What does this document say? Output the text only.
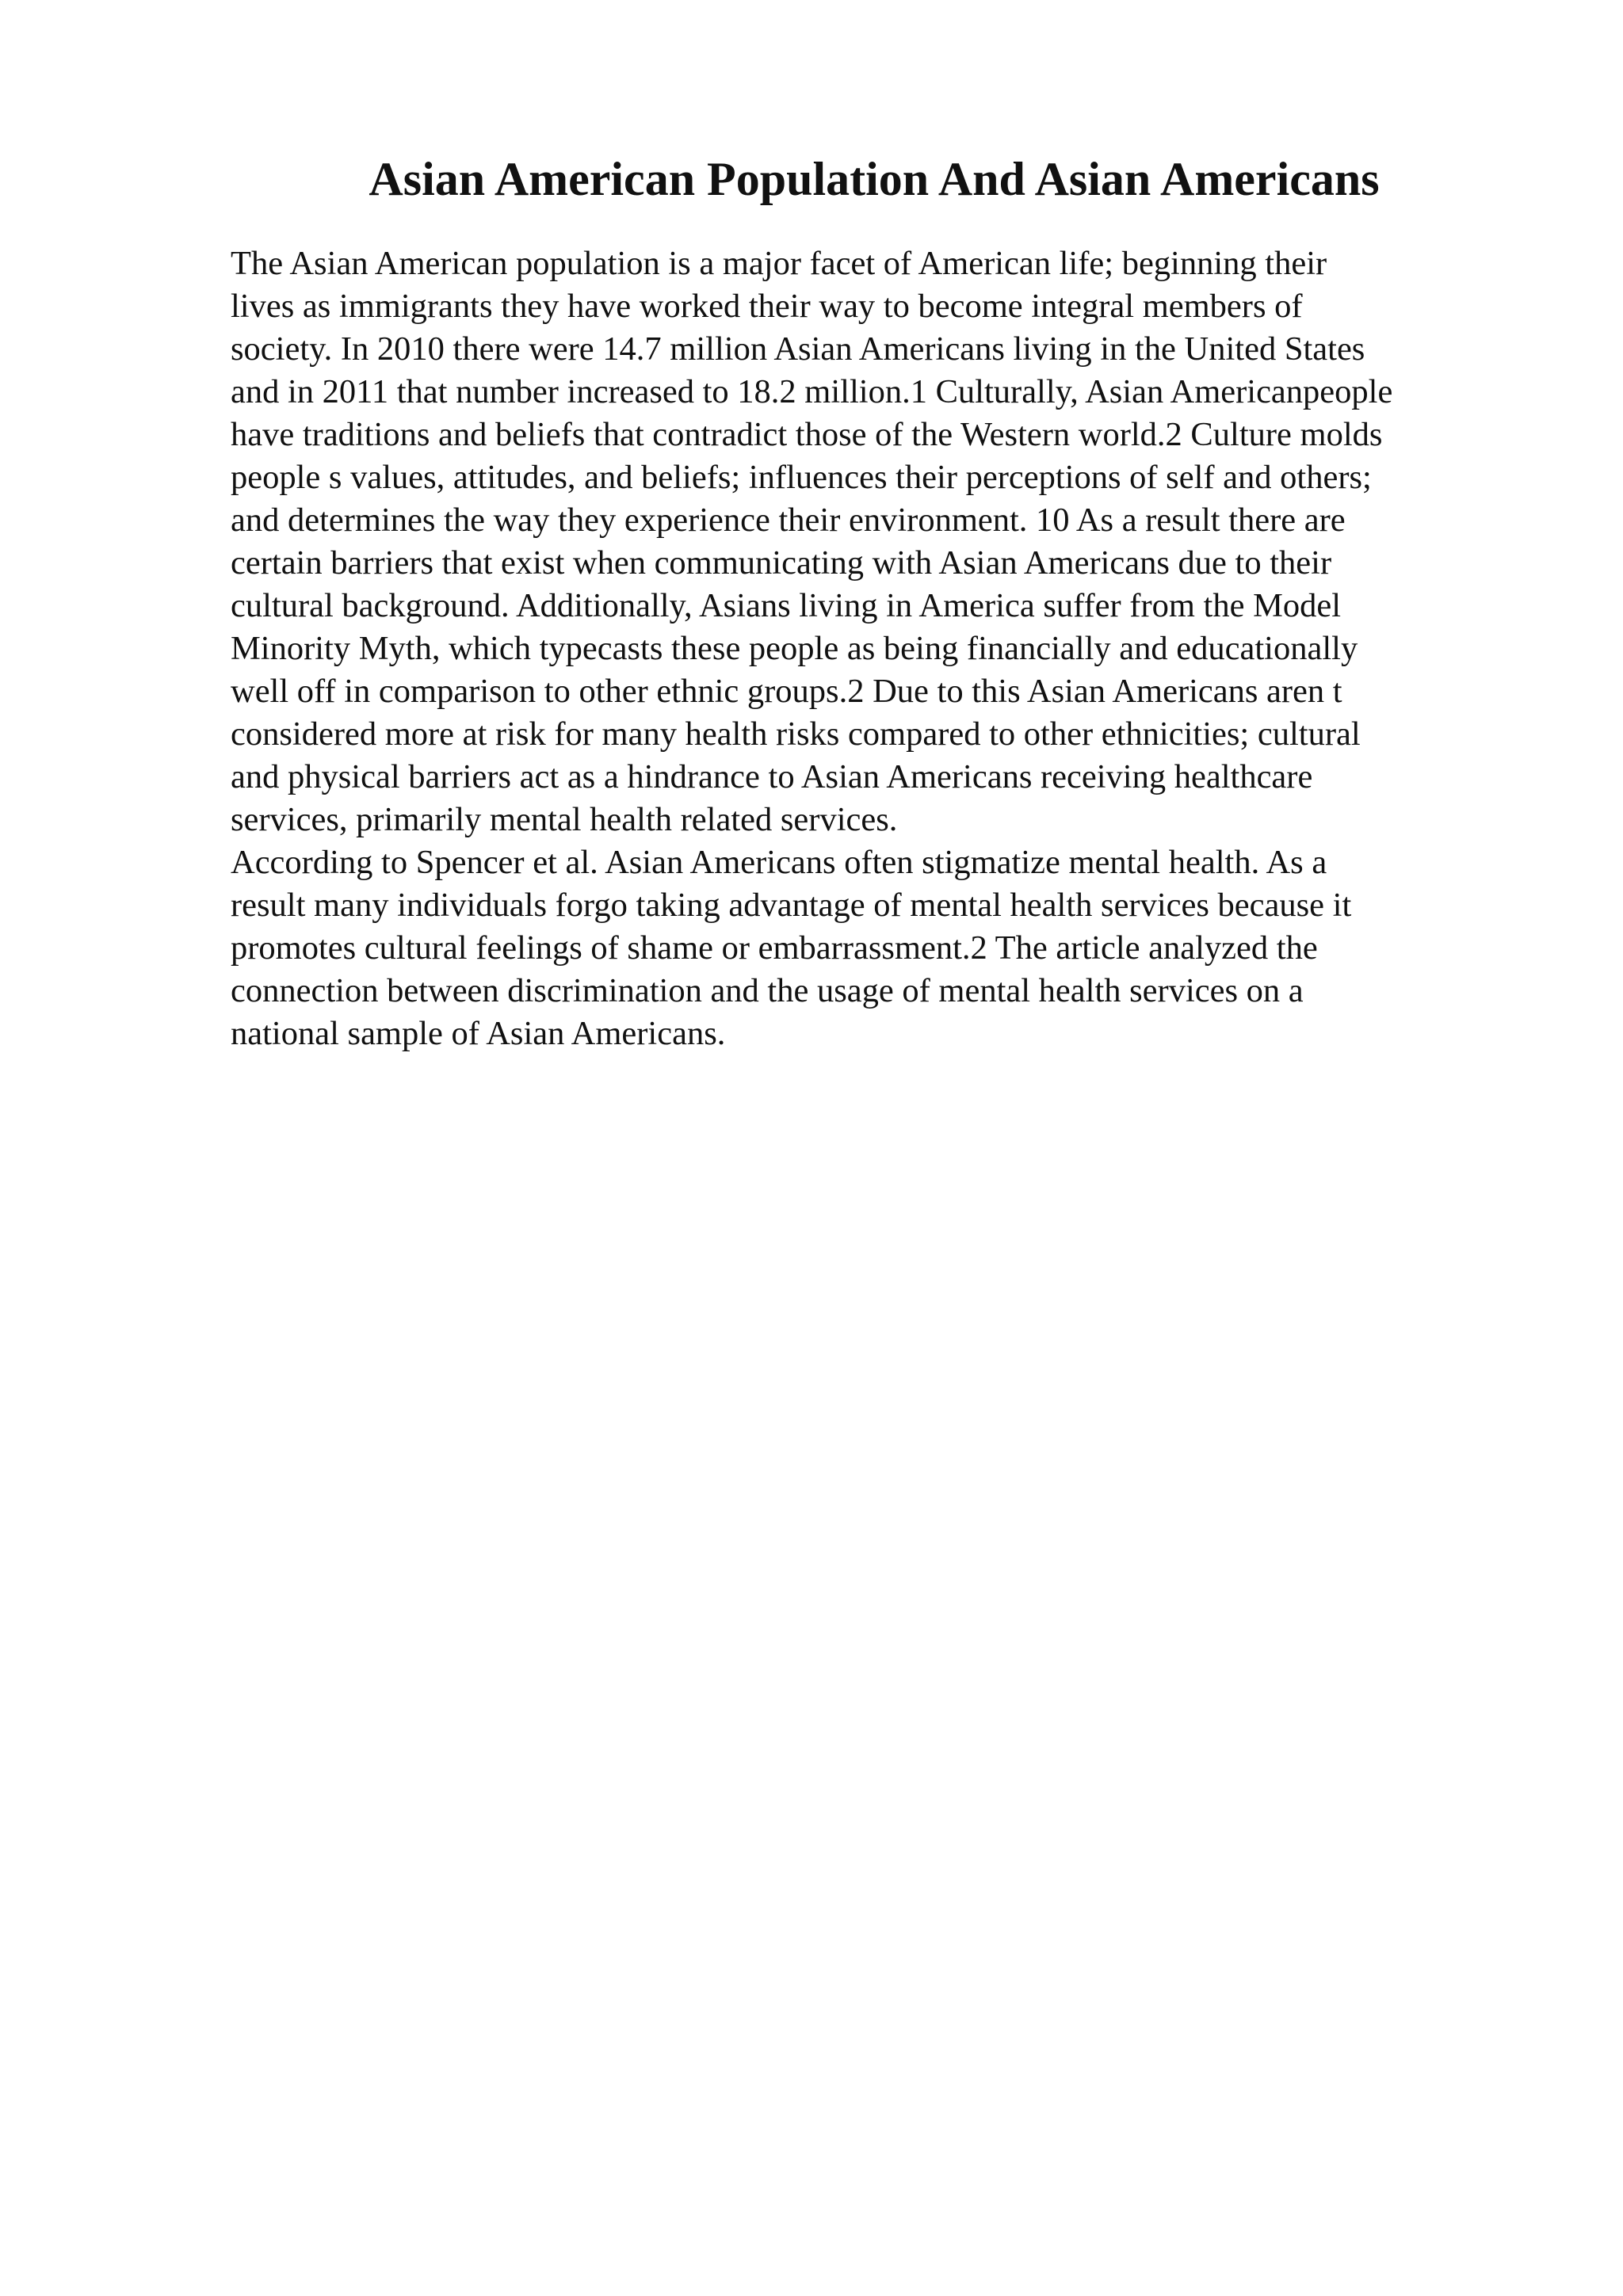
Asian American Population And Asian Americans
The Asian American population is a major facet of American life; beginning their
lives as immigrants they have worked their way to become integral members of
society. In 2010 there were 14.7 million Asian Americans living in the United States
and in 2011 that number increased to 18.2 million.1 Culturally, Asian Americanpeople
have traditions and beliefs that contradict those of the Western world.2 Culture molds
people s values, attitudes, and beliefs; influences their perceptions of self and others;
and determines the way they experience their environment. 10 As a result there are
certain barriers that exist when communicating with Asian Americans due to their
cultural background. Additionally, Asians living in America suffer from the Model
Minority Myth, which typecasts these people as being financially and educationally
well off in comparison to other ethnic groups.2 Due to this Asian Americans aren t
considered more at risk for many health risks compared to other ethnicities; cultural
and physical barriers act as a hindrance to Asian Americans receiving healthcare
services, primarily mental health related services.
According to Spencer et al. Asian Americans often stigmatize mental health. As a
result many individuals forgo taking advantage of mental health services because it
promotes cultural feelings of shame or embarrassment.2 The article analyzed the
connection between discrimination and the usage of mental health services on a
national sample of Asian Americans.
